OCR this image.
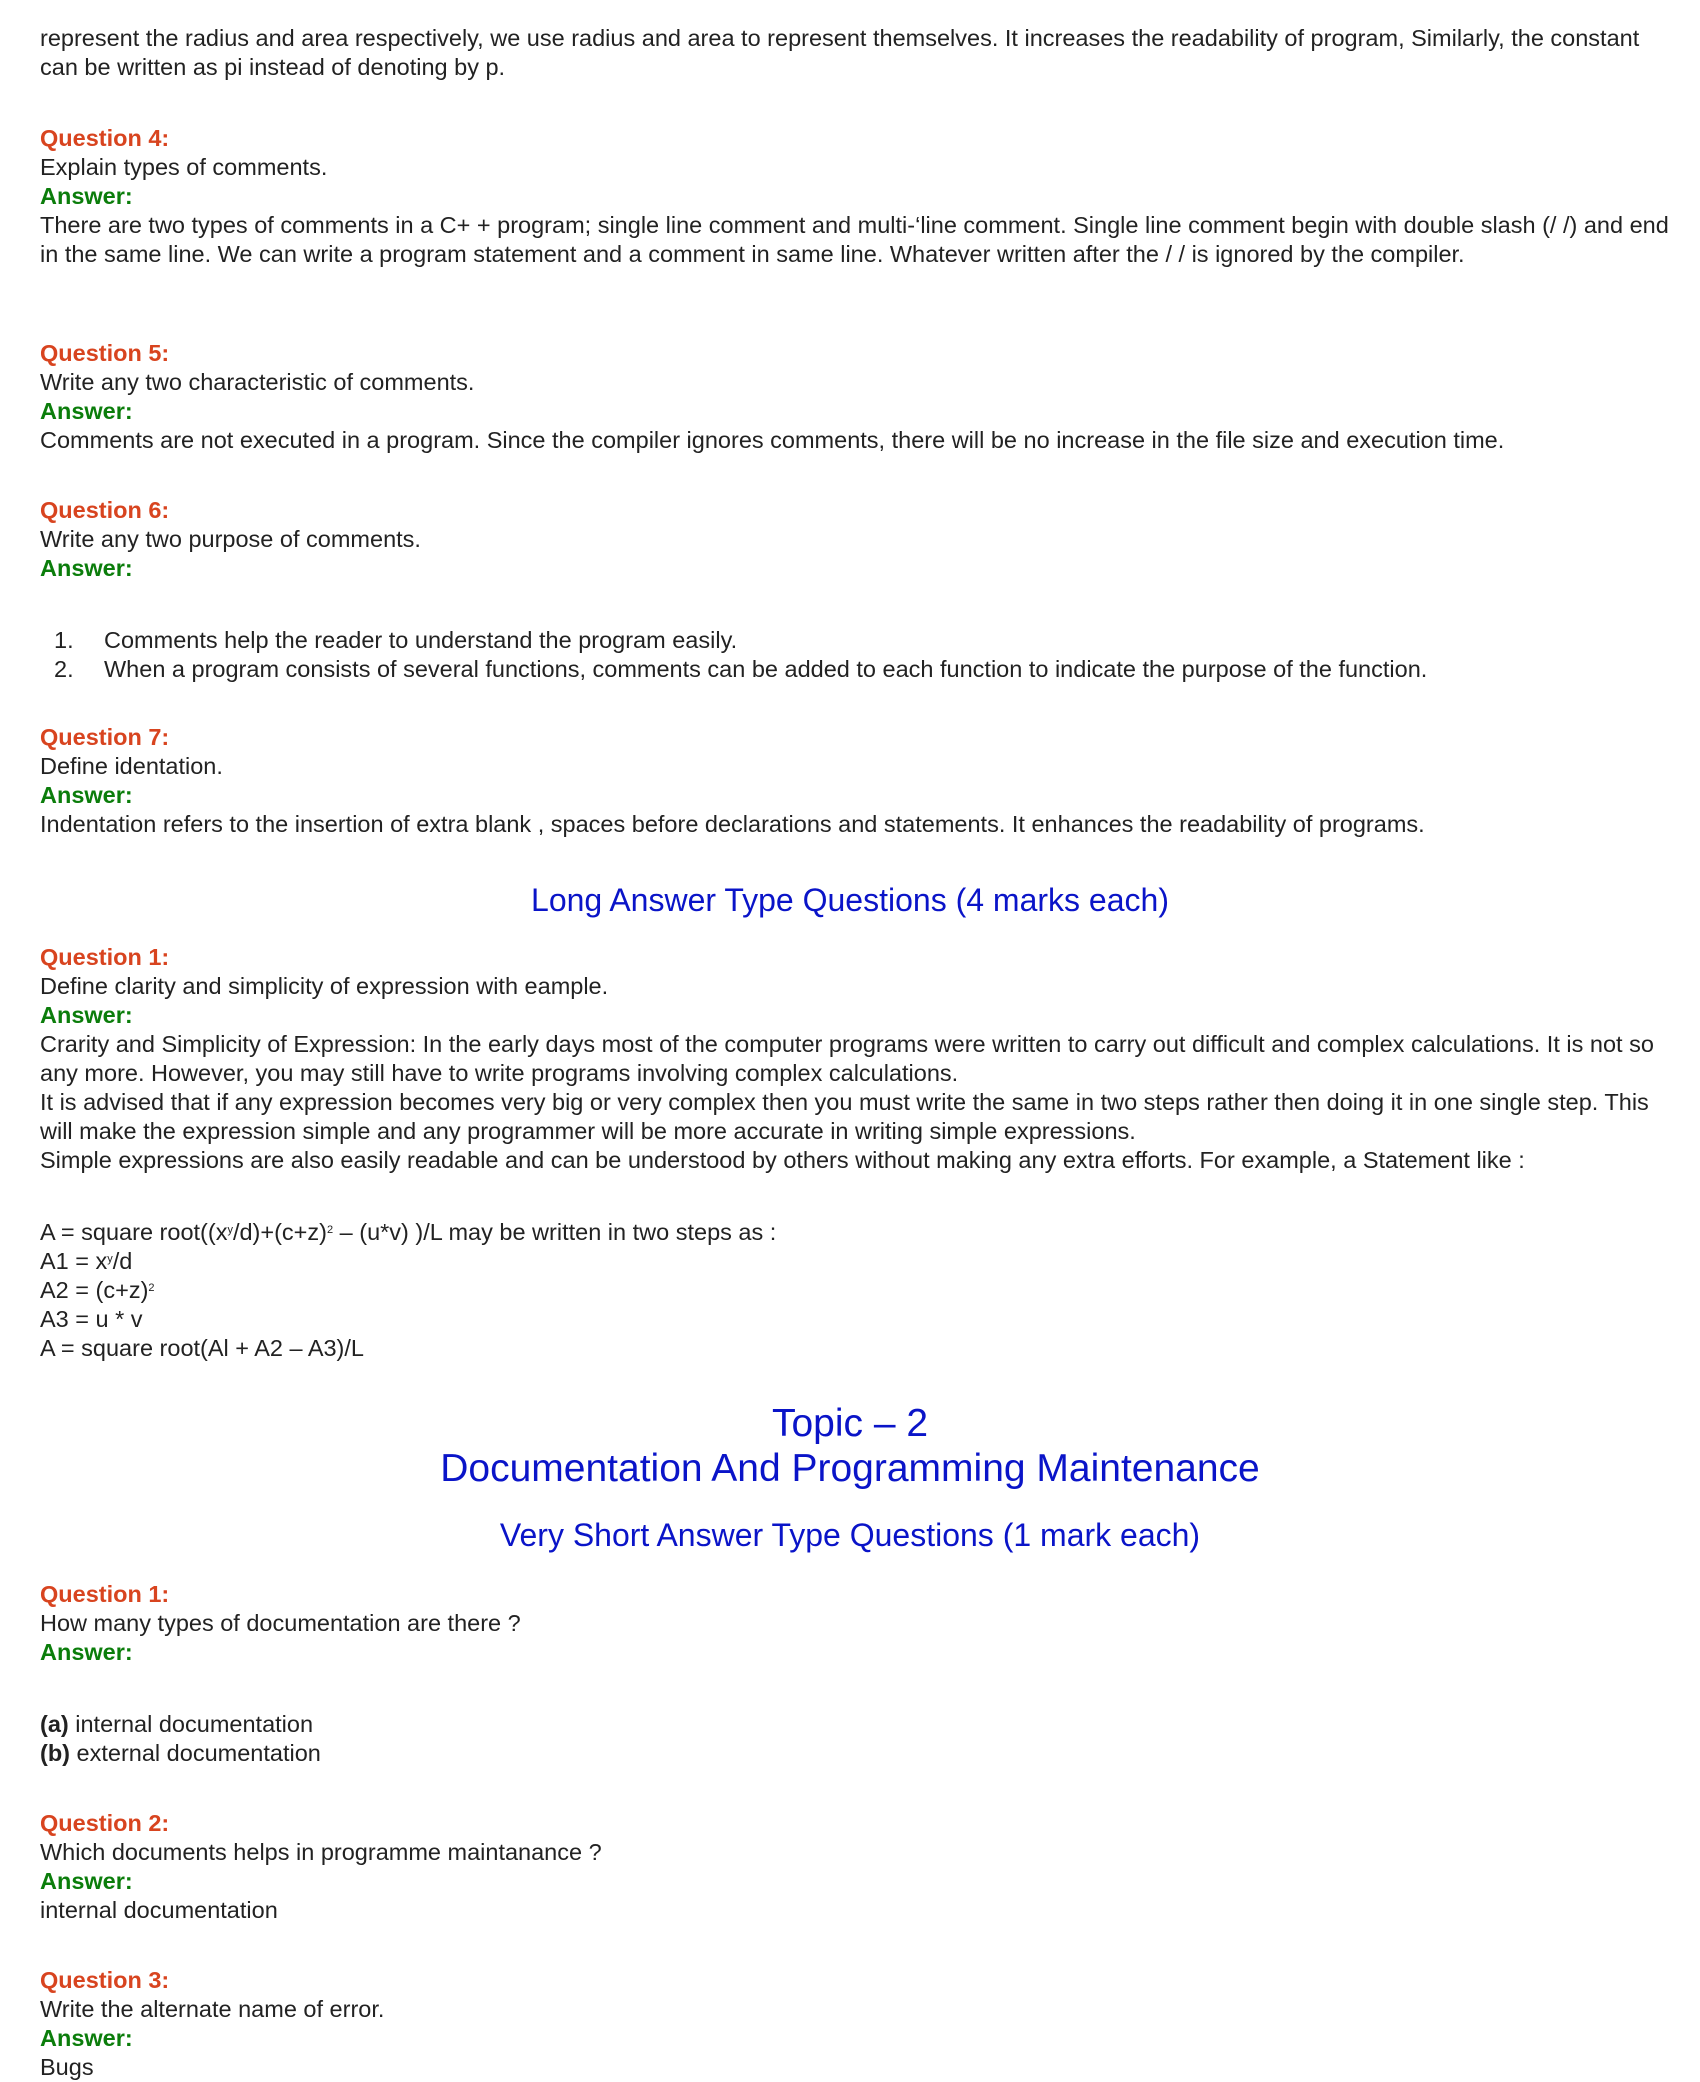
represent the radius and area respectively, we use radius and area to represent themselves. It increases the readability of program, Similarly, the constant can be written as pi instead of denoting by p.
Question 4:
Explain types of comments.
Answer:
There are two types of comments in a C+ + program; single line comment and multi-‘line comment. Single line comment begin with double slash (/ /) and end in the same line. We can write a program statement and a comment in same line. Whatever written after the / / is ignored by the compiler.
Question 5:
Write any two characteristic of comments.
Answer:
Comments are not executed in a program. Since the compiler ignores comments, there will be no increase in the file size and execution time.
Question 6:
Write any two purpose of comments.
Answer:
1. Comments help the reader to understand the program easily.
2. When a program consists of several functions, comments can be added to each function to indicate the purpose of the function.
Question 7:
Define identation.
Answer:
Indentation refers to the insertion of extra blank , spaces before declarations and statements. It enhances the readability of programs.
Long Answer Type Questions (4 marks each)
Question 1:
Define clarity and simplicity of expression with eample.
Answer:

Crarity and Simplicity of Expression: In the early days most of the computer programs were written to carry out difficult and complex calculations. It is not so any more. However, you may still have to write programs involving complex calculations.

It is advised that if any expression becomes very big or very complex then you must write the same in two steps rather then doing it in one single step. This will make the expression simple and any programmer will be more accurate in writing simple expressions.

Simple expressions are also easily readable and can be understood by others without making any extra efforts. For example, a Statement like :

A = square $root((x^y/d)+(c+z)^2 - (u*v)$ )/L may be written in two steps as :
$A1 = x^y/d$
$A2 = (c+z)^2$
A3 = u * v
A = square root(Al + A2 – A3)/L
Topic – 2
Documentation And Programming Maintenance
Very Short Answer Type Questions (1 mark each)
Question 1:
How many types of documentation are there ?
Answer:
(a) internal documentation
(b) external documentation
Question 2:
Which documents helps in programme maintanance ?
Answer:
internal documentation
Question 3:
Write the alternate name of error.
Answer:
Bugs
